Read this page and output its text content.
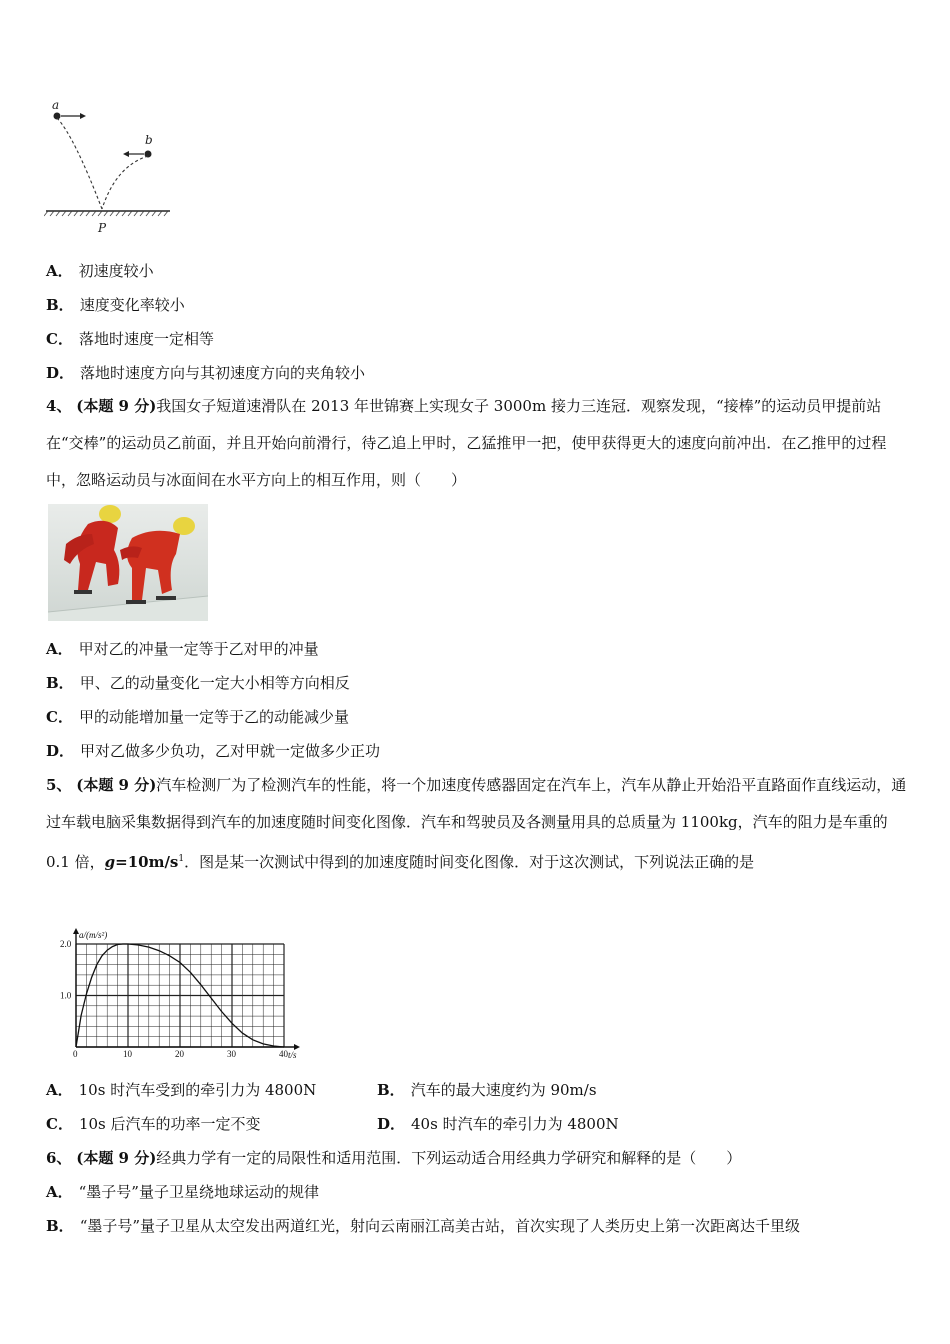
a
b
P
A． 初速度较小
B． 速度变化率较小
C． 落地时速度一定相等
D． 落地时速度方向与其初速度方向的夹角较小
4、 (本题 9 分)我国女子短道速滑队在 2013 年世锦赛上实现女子 3000m 接力三连冠．观察发现，“接棒”的运动员甲提前站在“交棒”的运动员乙前面，并且开始向前滑行，待乙追上甲时，乙猛推甲一把，使甲获得更大的速度向前冲出．在乙推甲的过程中，忽略运动员与冰面间在水平方向上的相互作用，则（　　）
A． 甲对乙的冲量一定等于乙对甲的冲量
B． 甲、乙的动量变化一定大小相等方向相反
C． 甲的动能增加量一定等于乙的动能减少量
D． 甲对乙做多少负功，乙对甲就一定做多少正功
5、 (本题 9 分)汽车检测厂为了检测汽车的性能，将一个加速度传感器固定在汽车上，汽车从静止开始沿平直路面作直线运动，通过车载电脑采集数据得到汽车的加速度随时间变化图像．汽车和驾驶员及各测量用具的总质量为 1100kg，汽车的阻力是车重的 0.1 倍，$g=10m/s^1$．图是某一次测试中得到的加速度随时间变化图像．对于这次测试，下列说法正确的是
0	10	20	30	40
1.0
2.0
a/(m/s²)
t/s
A． 10s 时汽车受到的牵引力为 4800N	B． 汽车的最大速度约为 90m/s
C． 10s 后汽车的功率一定不变	D． 40s 时汽车的牵引力为 4800N
6、 (本题 9 分)经典力学有一定的局限性和适用范围．下列运动适合用经典力学研究和解释的是（　　）
A． “墨子号”量子卫星绕地球运动的规律
B． “墨子号”量子卫星从太空发出两道红光，射向云南丽江高美古站，首次实现了人类历史上第一次距离达千里级
